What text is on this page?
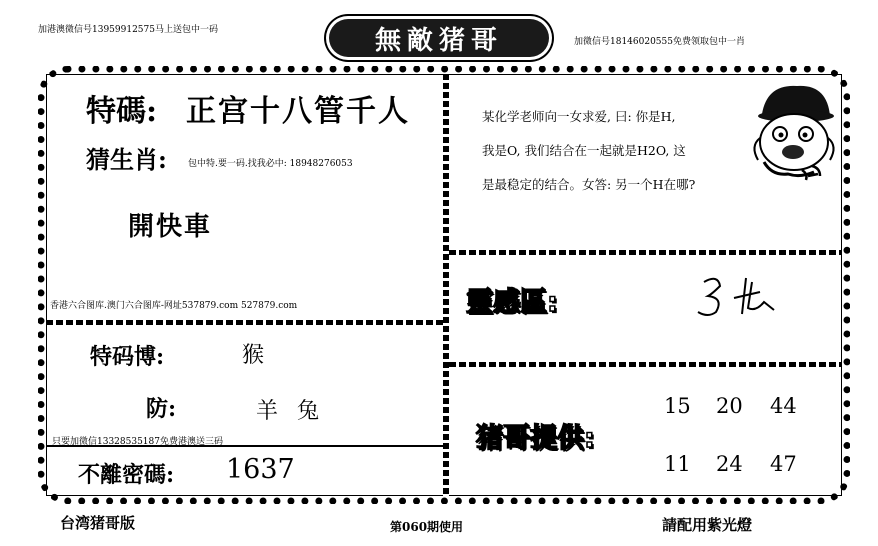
加港澳微信号13959912575马上送包中一码
加微信号18146020555免费领取包中一肖
無敵猪哥
特碼: 正宫十八管千人
猜生肖: 包中特.要一码.找我必中: 18948276053
開快車
香港六合图库.澳门六合图库-网址537879.com 527879.com
特码博:	猴
防:	羊 兔
只要加微信13328535187免费港澳送三码
不離密碼: 1637
某化学老师向一女求爱, 曰: 你是H,
我是O, 我们结合在一起就是H2O, 这
是最稳定的结合。女答: 另一个H在哪?
靈感區:
猪哥提供:
15 20 44
11 24 47
台湾猪哥版	第060期使用	請配用紫光燈
